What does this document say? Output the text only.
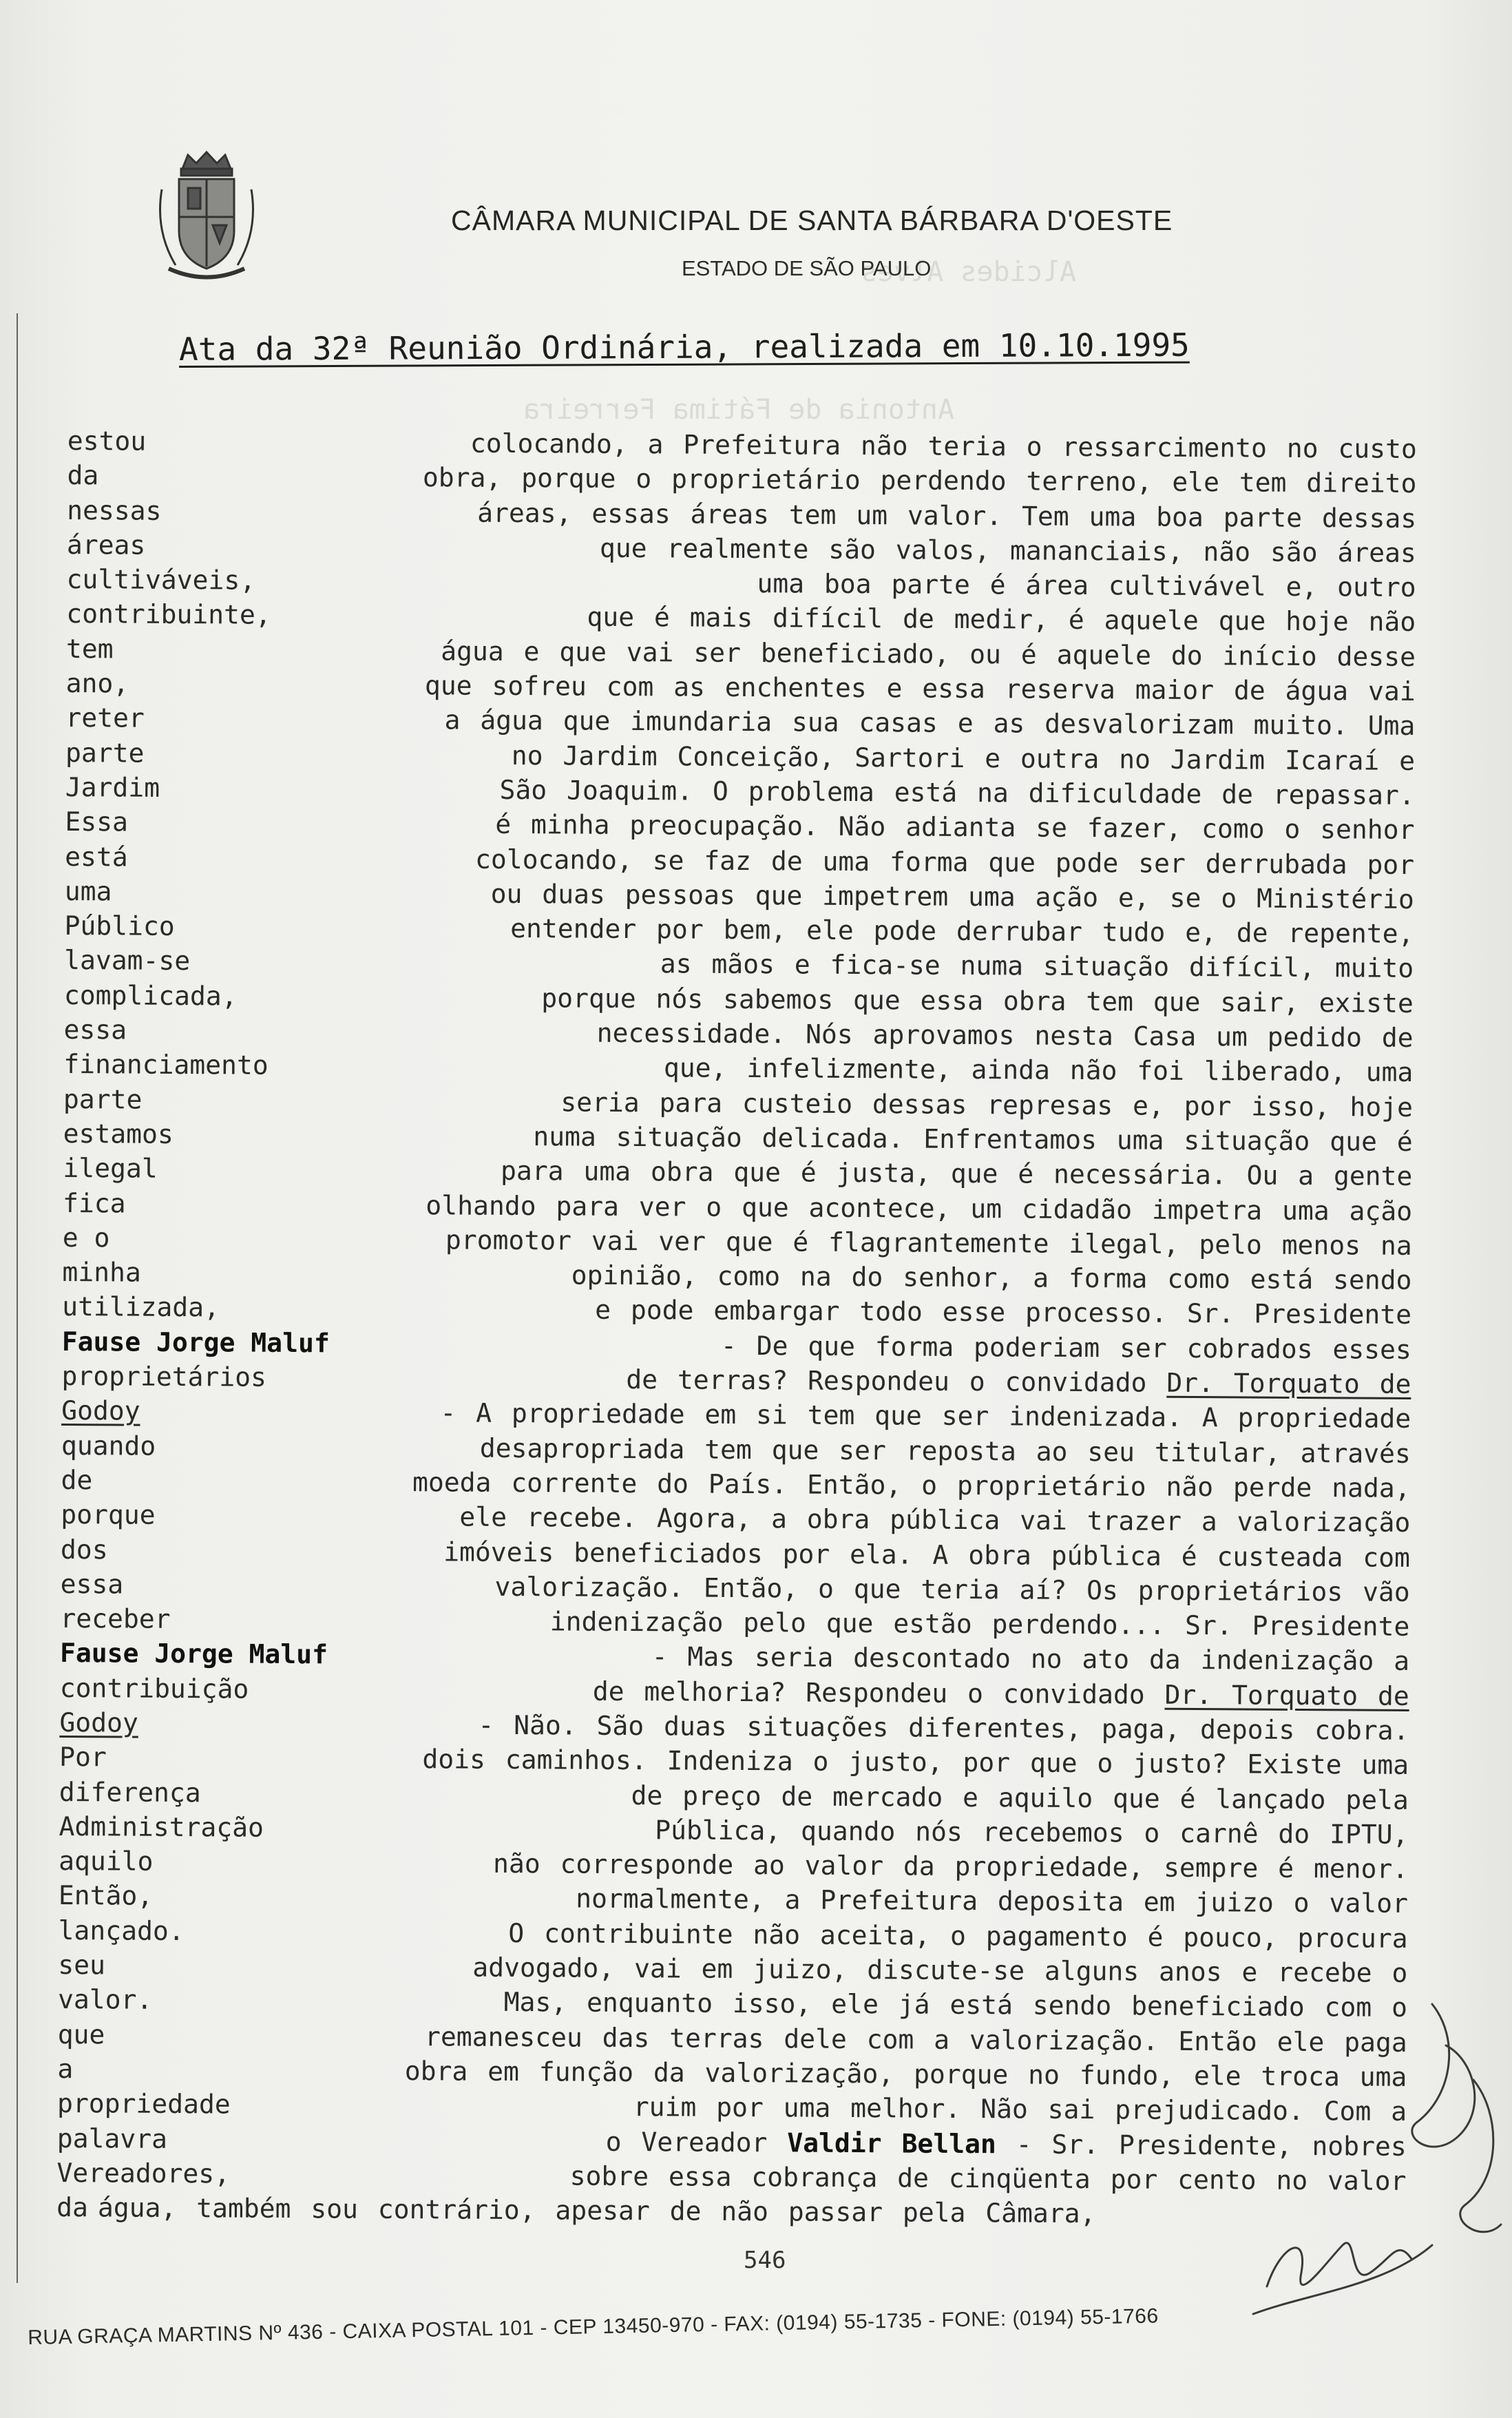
Alcides Alves
Antonia de Fátima Ferreira
CÂMARA MUNICIPAL DE SANTA BÁRBARA D'OESTE
ESTADO DE SÃO PAULO
Ata da 32ª Reunião Ordinária, realizada em 10.10.1995
estou	colocando, a Prefeitura não teria o ressarcimento no custo
da	obra, porque o proprietário perdendo terreno, ele tem direito
nessas	áreas, essas áreas tem um valor. Tem uma boa parte dessas
áreas	que realmente são valos, mananciais, não são áreas
cultiváveis,	uma boa parte é área cultivável e, outro
contribuinte,	que é mais difícil de medir, é aquele que hoje não
tem	água e que vai ser beneficiado, ou é aquele do início desse
ano,	que sofreu com as enchentes e essa reserva maior de água vai
reter	a água que imundaria sua casas e as desvalorizam muito. Uma
parte	no Jardim Conceição, Sartori e outra no Jardim Icaraí e
Jardim	São Joaquim. O problema está na dificuldade de repassar.
Essa	é minha preocupação. Não adianta se fazer, como o senhor
está	colocando, se faz de uma forma que pode ser derrubada por
uma	ou duas pessoas que impetrem uma ação e, se o Ministério
Público	entender por bem, ele pode derrubar tudo e, de repente,
lavam-se	as mãos e fica-se numa situação difícil, muito
complicada,	porque nós sabemos que essa obra tem que sair, existe
essa	necessidade. Nós aprovamos nesta Casa um pedido de
financiamento	que, infelizmente, ainda não foi liberado, uma
parte	seria para custeio dessas represas e, por isso, hoje
estamos	numa situação delicada. Enfrentamos uma situação que é
ilegal	para uma obra que é justa, que é necessária. Ou a gente
fica	olhando para ver o que acontece, um cidadão impetra uma ação
e o	promotor vai ver que é flagrantemente ilegal, pelo menos na
minha	opinião, como na do senhor, a forma como está sendo
utilizada,	e pode embargar todo esse processo. Sr. Presidente
Fause Jorge Maluf	- De que forma poderiam ser cobrados esses
proprietários	de terras? Respondeu o convidado Dr. Torquato de
Godoy	- A propriedade em si tem que ser indenizada. A propriedade
quando	desapropriada tem que ser reposta ao seu titular, através
de	moeda corrente do País. Então, o proprietário não perde nada,
porque	ele recebe. Agora, a obra pública vai trazer a valorização
dos	imóveis beneficiados por ela. A obra pública é custeada com
essa	valorização. Então, o que teria aí? Os proprietários vão
receber	indenização pelo que estão perdendo... Sr. Presidente
Fause Jorge Maluf	- Mas seria descontado no ato da indenização a
contribuição	de melhoria? Respondeu o convidado Dr. Torquato de
Godoy	- Não. São duas situações diferentes, paga, depois cobra.
Por	dois caminhos. Indeniza o justo, por que o justo? Existe uma
diferença	de preço de mercado e aquilo que é lançado pela
Administração	Pública, quando nós recebemos o carnê do IPTU,
aquilo	não corresponde ao valor da propriedade, sempre é menor.
Então,	normalmente, a Prefeitura deposita em juizo o valor
lançado.	O contribuinte não aceita, o pagamento é pouco, procura
seu	advogado, vai em juizo, discute-se alguns anos e recebe o
valor.	Mas, enquanto isso, ele já está sendo beneficiado com o
que	remanesceu das terras dele com a valorização. Então ele paga
a	obra em função da valorização, porque no fundo, ele troca uma
propriedade	ruim por uma melhor. Não sai prejudicado. Com a
palavra	o Vereador Valdir Bellan - Sr. Presidente, nobres
Vereadores,	sobre essa cobrança de cinqüenta por cento no valor
da água, também sou contrário, apesar de não passar pela Câmara,
546
RUA GRAÇA MARTINS Nº 436 - CAIXA POSTAL 101 - CEP 13450-970 - FAX: (0194) 55-1735 - FONE: (0194) 55-1766
